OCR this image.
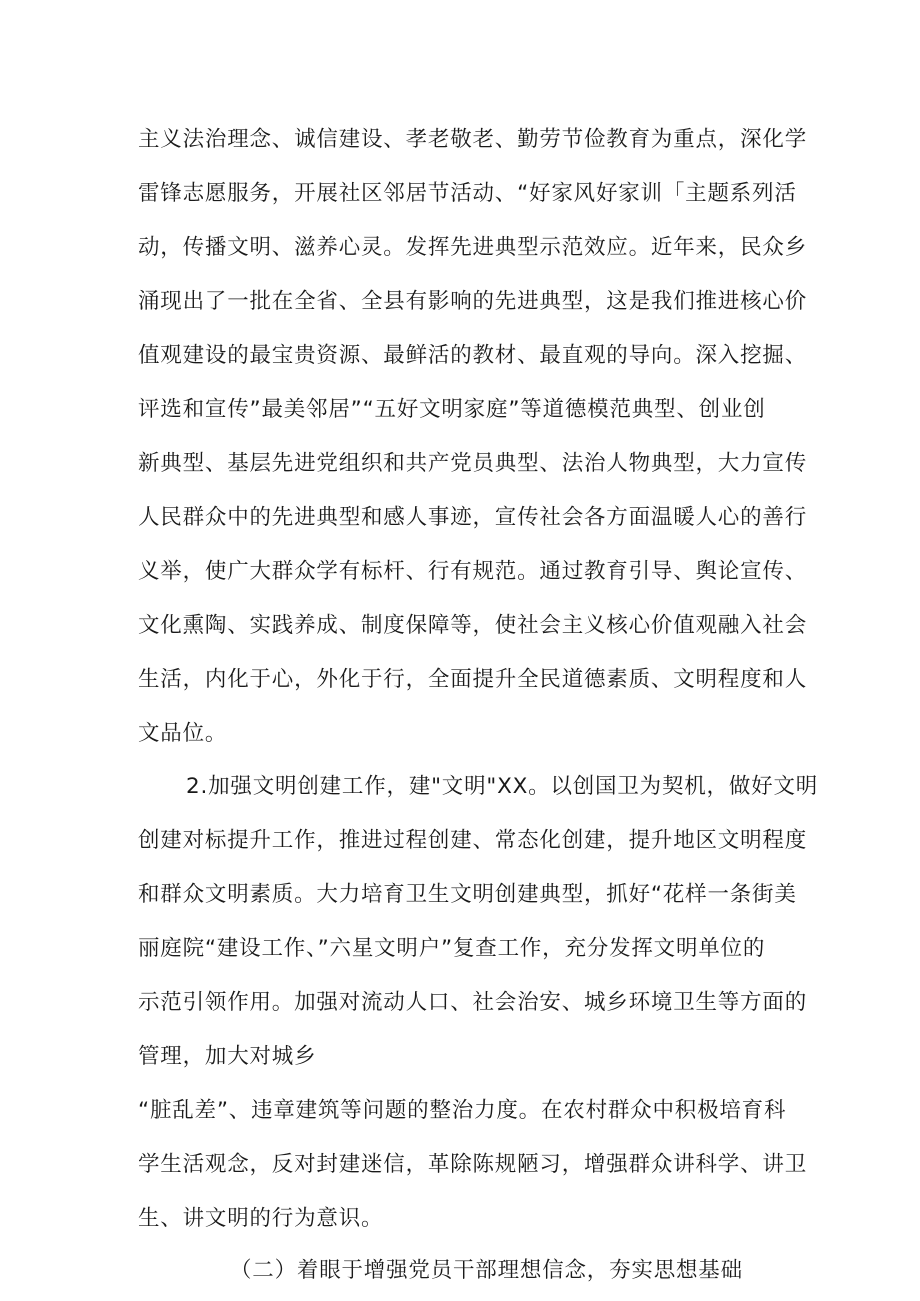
主义法治理念、诚信建设、孝老敬老、勤劳节俭教育为重点，深化学
雷锋志愿服务，开展社区邻居节活动、“好家风好家训「主题系列活
动，传播文明、滋养心灵。发挥先进典型示范效应。近年来，民众乡
涌现出了一批在全省、全县有影响的先进典型，这是我们推进核心价
值观建设的最宝贵资源、最鲜活的教材、最直观的导向。深入挖掘、
评选和宣传”最美邻居”“五好文明家庭”等道德模范典型、创业创
新典型、基层先进党组织和共产党员典型、法治人物典型，大力宣传
人民群众中的先进典型和感人事迹，宣传社会各方面温暖人心的善行
义举，使广大群众学有标杆、行有规范。通过教育引导、舆论宣传、
文化熏陶、实践养成、制度保障等，使社会主义核心价值观融入社会
生活，内化于心，外化于行，全面提升全民道德素质、文明程度和人
文品位。
2.加强文明创建工作，建"文明"XX。以创国卫为契机，做好文明
创建对标提升工作，推进过程创建、常态化创建，提升地区文明程度
和群众文明素质。大力培育卫生文明创建典型，抓好“花样一条街美
丽庭院“建设工作、”六星文明户”复查工作，充分发挥文明单位的
示范引领作用。加强对流动人口、社会治安、城乡环境卫生等方面的
管理，加大对城乡
“脏乱差”、违章建筑等问题的整治力度。在农村群众中积极培育科
学生活观念，反对封建迷信，革除陈规陋习，增强群众讲科学、讲卫
生、讲文明的行为意识。
（二）着眼于增强党员干部理想信念，夯实思想基础
